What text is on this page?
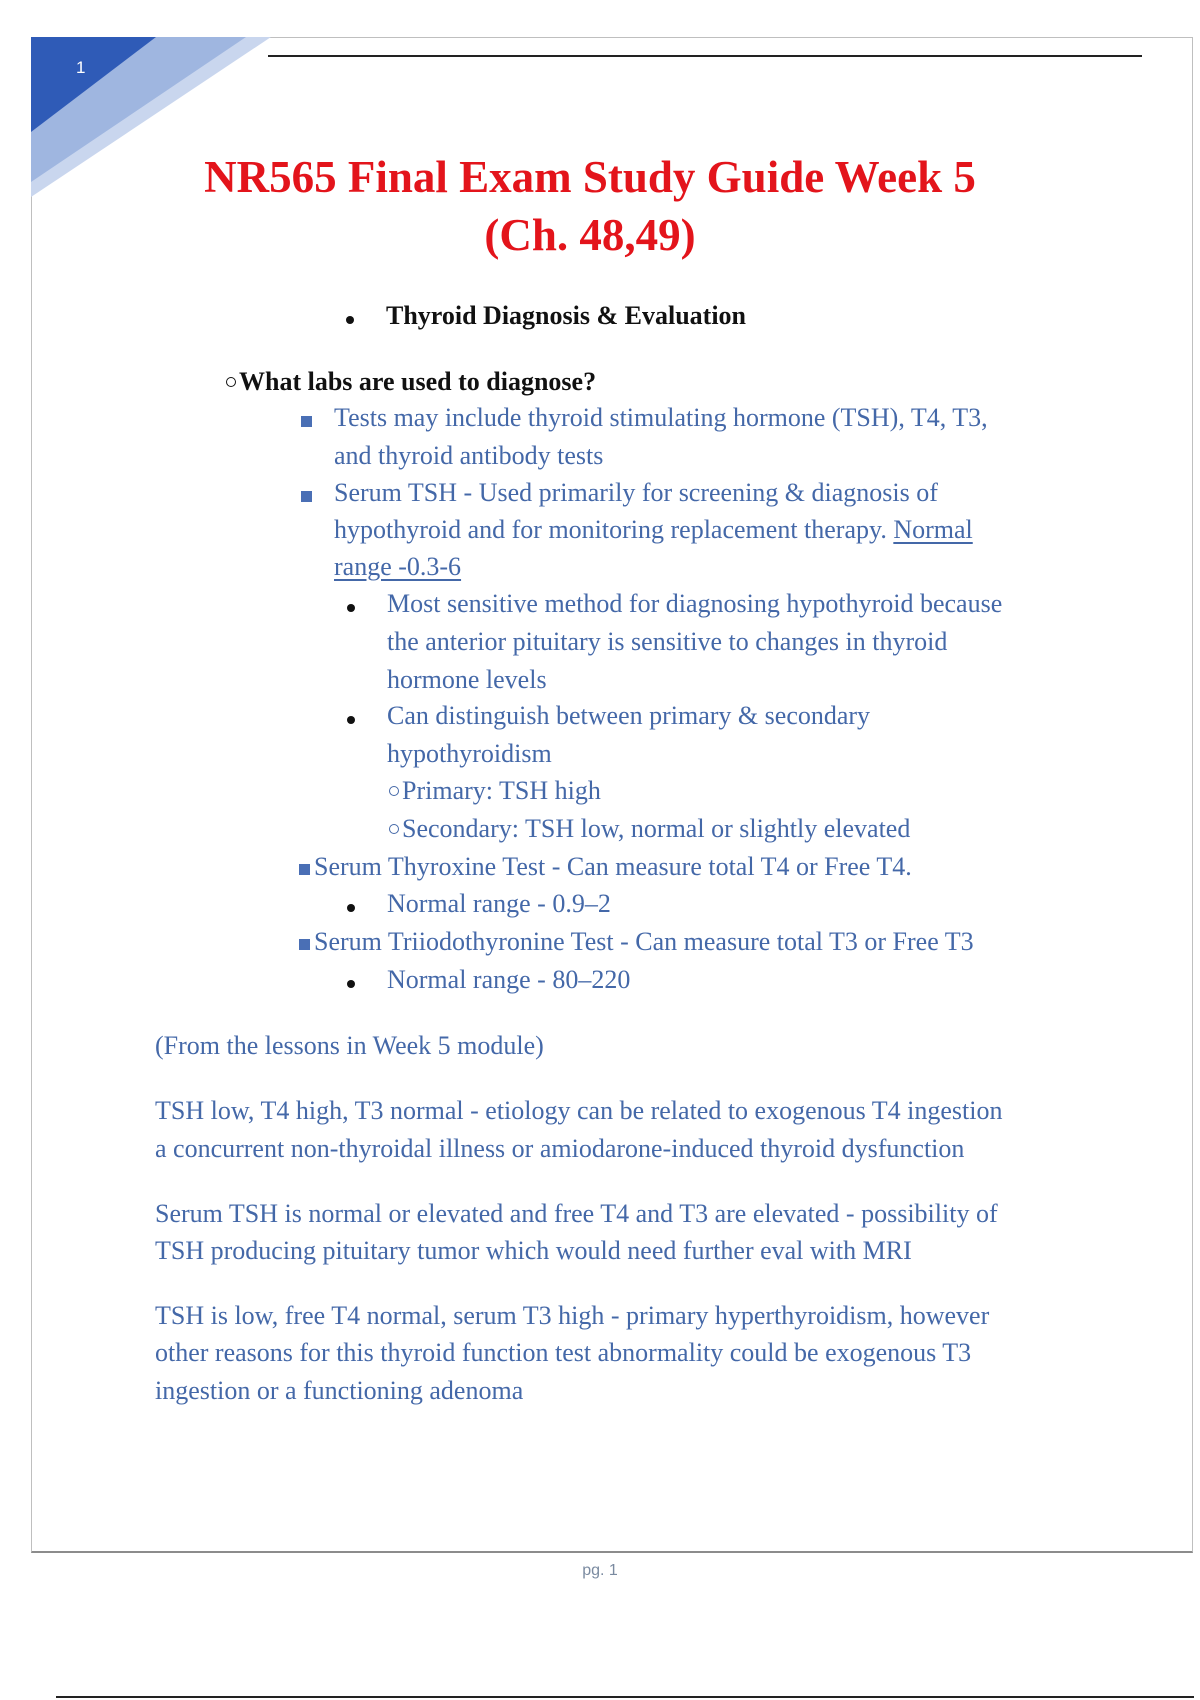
1
NR565 Final Exam Study Guide Week 5
(Ch. 48,49)
Thyroid Diagnosis & Evaluation
What labs are used to diagnose?
Tests may include thyroid stimulating hormone (TSH), T4, T3,
and thyroid antibody tests
Serum TSH - Used primarily for screening & diagnosis of
hypothyroid and for monitoring replacement therapy. Normal
range -0.3-6
Most sensitive method for diagnosing hypothyroid because
the anterior pituitary is sensitive to changes in thyroid
hormone levels
Can distinguish between primary & secondary
hypothyroidism
Primary: TSH high
Secondary: TSH low, normal or slightly elevated
Serum Thyroxine Test - Can measure total T4 or Free T4.
Normal range - 0.9–2
Serum Triiodothyronine Test - Can measure total T3 or Free T3
Normal range - 80–220
(From the lessons in Week 5 module)
TSH low, T4 high, T3 normal - etiology can be related to exogenous T4 ingestion
a concurrent non-thyroidal illness or amiodarone-induced thyroid dysfunction
Serum TSH is normal or elevated and free T4 and T3 are elevated - possibility of
TSH producing pituitary tumor which would need further eval with MRI
TSH is low, free T4 normal, serum T3 high - primary hyperthyroidism, however
other reasons for this thyroid function test abnormality could be exogenous T3
ingestion or a functioning adenoma
pg. 1
